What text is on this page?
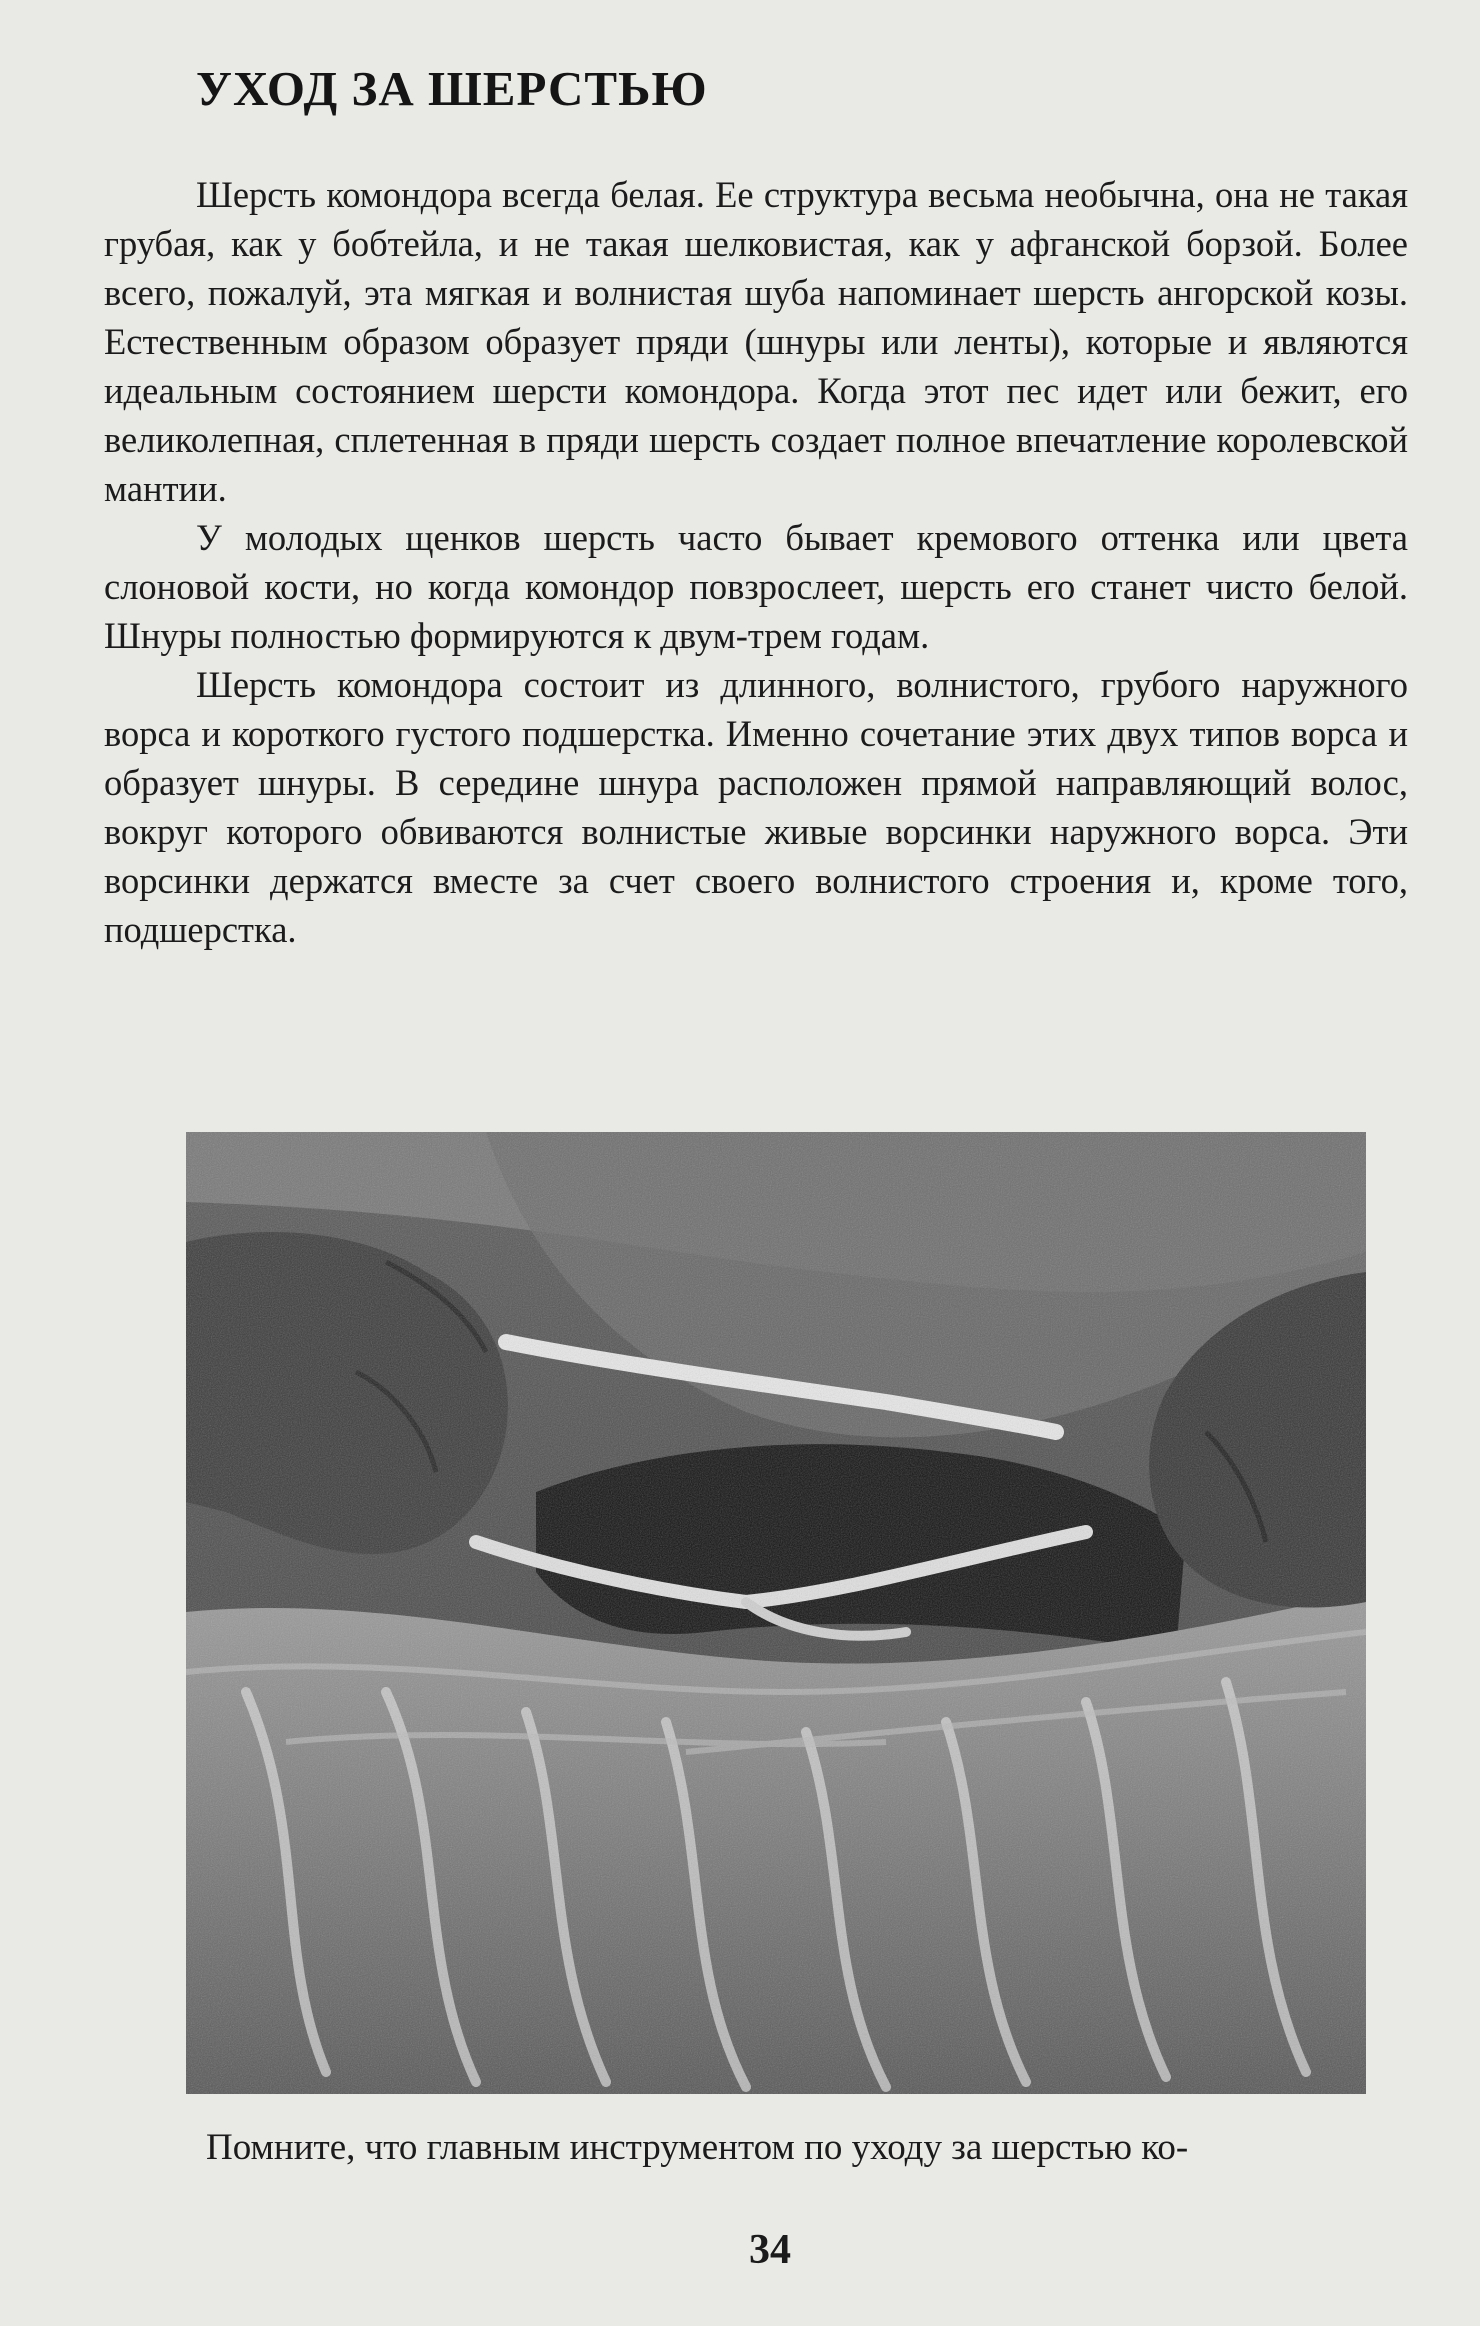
УХОД ЗА ШЕРСТЬЮ

Шерсть комондора всегда белая. Ее структура весьма необычна, она не такая грубая, как у бобтейла, и не такая шелковистая, как у афганской борзой. Более всего, пожалуй, эта мягкая и волнистая шуба напоминает шерсть ангорской козы. Естественным образом образует пряди (шнуры или ленты), которые и являются идеальным состоянием шерсти комондора. Когда этот пес идет или бежит, его великолепная, сплетенная в пряди шерсть создает полное впечатление королевской мантии.

У молодых щенков шерсть часто бывает кремового оттенка или цвета слоновой кости, но когда комондор повзрослеет, шерсть его станет чисто белой. Шнуры полностью формируются к двум-трем годам.

Шерсть комондора состоит из длинного, волнистого, грубого наружного ворса и короткого густого подшерстка. Именно сочетание этих двух типов ворса и образует шнуры. В середине шнура расположен прямой направляющий волос, вокруг которого обвиваются волнистые живые ворсинки наружного ворса. Эти ворсинки держатся вместе за счет своего волнистого строения и, кроме того, подшерстка.

Помните, что главным инструментом по уходу за шерстью ко-

34
